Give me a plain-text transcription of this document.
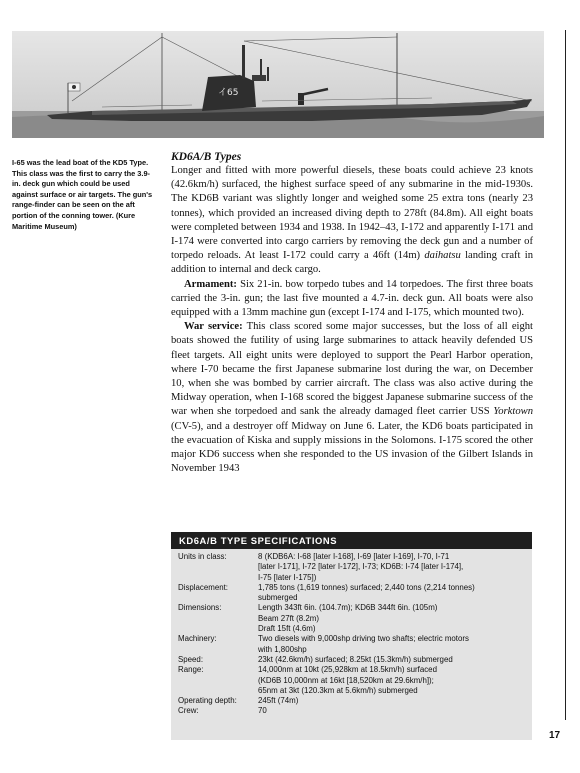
イ65

I-65 was the lead boat of the KD5 Type. This class was the first to carry the 3.9-in. deck gun which could be used against surface or air targets. The gun's range-finder can be seen on the aft portion of the conning tower. (Kure Maritime Museum)

KD6A/B Types

Longer and fitted with more powerful diesels, these boats could achieve 23 knots (42.6km/h) surfaced, the highest surface speed of any submarine in the mid-1930s. The KD6B variant was slightly longer and weighed some 25 extra tons (nearly 23 tonnes), which provided an increased diving depth to 278ft (84.8m). All eight boats were completed between 1934 and 1938. In 1942–43, I-172 and apparently I-171 and I-174 were converted into cargo carriers by removing the deck gun and a number of torpedo reloads. At least I-172 could carry a 46ft (14m) daihatsu landing craft in addition to internal and deck cargo.

Armament: Six 21-in. bow torpedo tubes and 14 torpedoes. The first three boats carried the 3-in. gun; the last five mounted a 4.7-in. deck gun. All boats were also equipped with a 13mm machine gun (except I-174 and I-175, which mounted two).

War service: This class scored some major successes, but the loss of all eight boats showed the futility of using large submarines to attack heavily defended US fleet targets. All eight units were deployed to support the Pearl Harbor operation, where I-70 became the first Japanese submarine lost during the war, on December 10, when she was bombed by carrier aircraft. The class was also active during the Midway operation, when I-168 scored the biggest Japanese submarine success of the war when she torpedoed and sank the already damaged fleet carrier USS Yorktown (CV-5), and a destroyer off Midway on June 6. Later, the KD6 boats participated in the evacuation of Kiska and supply missions in the Solomons. I-175 scored the other major KD6 success when she responded to the US invasion of the Gilbert Islands in November 1943

KD6A/B TYPE SPECIFICATIONS
Units in class:	8 (KDB6A: I-68 [later I-168], I-69 [later I-169], I-70, I-71
	[later I-171], I-72 [later I-172], I-73; KD6B: I-74 [later I-174],
	I-75 [later I-175])
Displacement:	1,785 tons (1,619 tonnes) surfaced; 2,440 tons (2,214 tonnes)
	submerged
Dimensions:	Length 343ft 6in. (104.7m); KD6B 344ft 6in. (105m)
	Beam 27ft (8.2m)
	Draft 15ft (4.6m)
Machinery:	Two diesels with 9,000shp driving two shafts; electric motors
	with 1,800shp
Speed:	23kt (42.6km/h) surfaced; 8.25kt (15.3km/h) submerged
Range:	14,000nm at 10kt (25,928km at 18.5km/h) surfaced
	(KD6B 10,000nm at 16kt [18,520km at 29.6km/h]);
	65nm at 3kt (120.3km at 5.6km/h) submerged
Operating depth:	245ft (74m)
Crew:	70
17
